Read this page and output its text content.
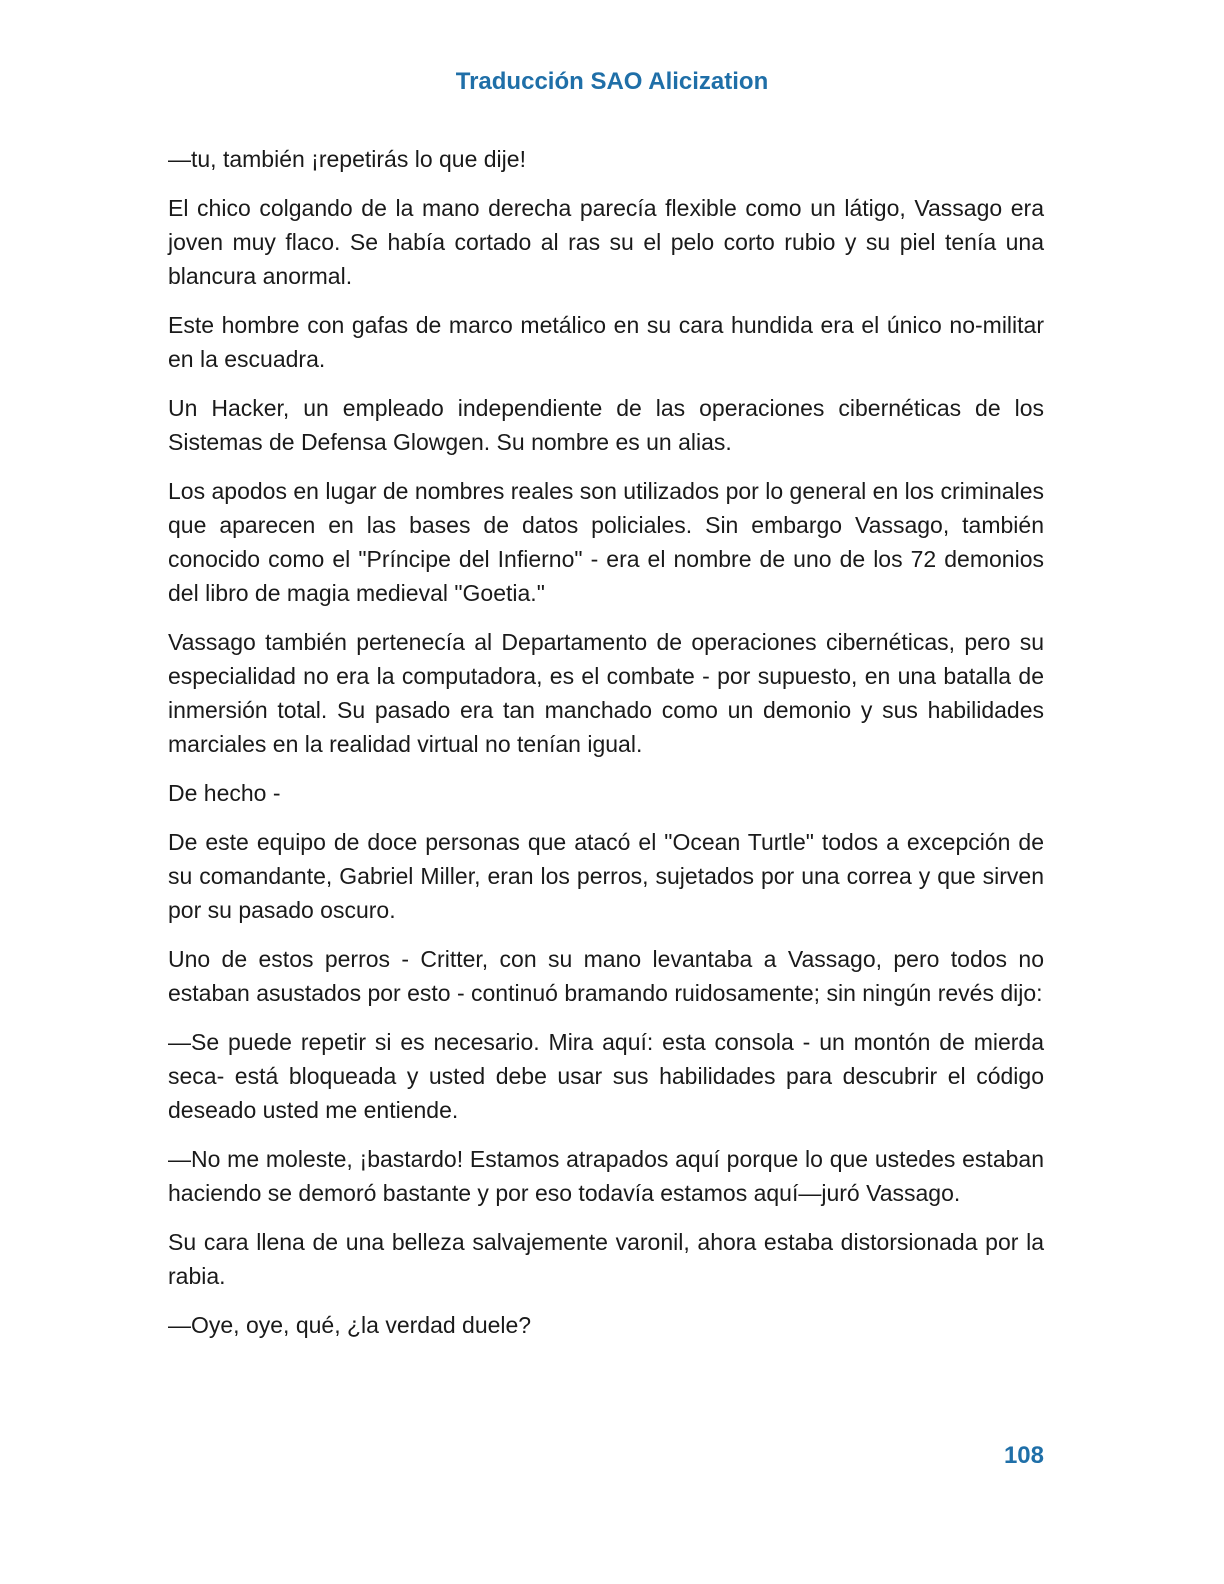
Traducción SAO Alicization

—tu, también ¡repetirás lo que dije!

El chico colgando de la mano derecha parecía flexible como un látigo, Vassago era joven muy flaco. Se había cortado al ras su el pelo corto rubio y su piel tenía una blancura anormal.

Este hombre con gafas de marco metálico en su cara hundida era el único no-militar en la escuadra.

Un Hacker, un empleado independiente de las operaciones cibernéticas de los Sistemas de Defensa Glowgen. Su nombre es un alias.

Los apodos en lugar de nombres reales son utilizados por lo general en los criminales que aparecen en las bases de datos policiales. Sin embargo Vassago, también conocido como el "Príncipe del Infierno" - era el nombre de uno de los 72 demonios del libro de magia medieval "Goetia."

Vassago también pertenecía al Departamento de operaciones cibernéticas, pero su especialidad no era la computadora, es el combate - por supuesto, en una batalla de inmersión total. Su pasado era tan manchado como un demonio y sus habilidades marciales en la realidad virtual no tenían igual.

De hecho -

De este equipo de doce personas que atacó el "Ocean Turtle" todos a excepción de su comandante, Gabriel Miller, eran los perros, sujetados por una correa y que sirven por su pasado oscuro.

Uno de estos perros - Critter, con su mano levantaba a Vassago, pero todos no estaban asustados por esto - continuó bramando ruidosamente; sin ningún revés dijo:

—Se puede repetir si es necesario. Mira aquí: esta consola - un montón de mierda seca- está bloqueada y usted debe usar sus habilidades para descubrir el código deseado usted me entiende.

—No me moleste, ¡bastardo! Estamos atrapados aquí porque lo que ustedes estaban haciendo se demoró bastante y por eso todavía estamos aquí—juró Vassago.

Su cara llena de una belleza salvajemente varonil, ahora estaba distorsionada por la rabia.

—Oye, oye, qué, ¿la verdad duele?

108
